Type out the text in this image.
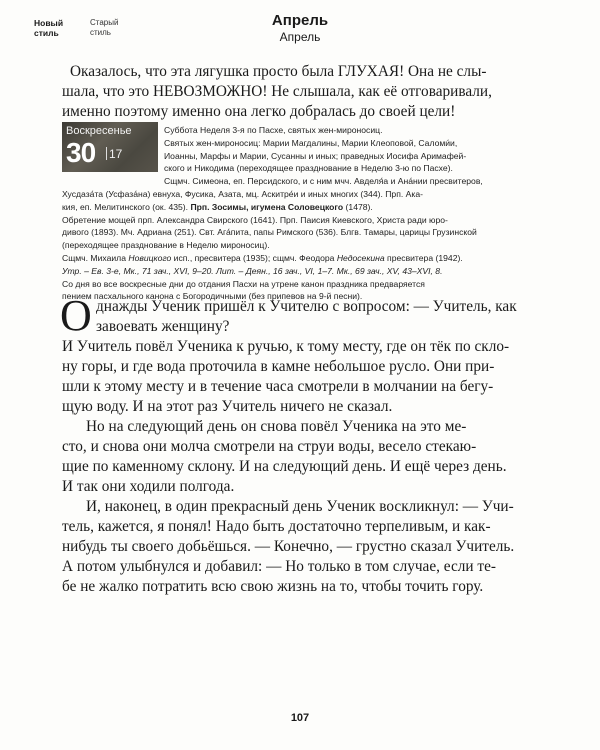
Новый стиль
Старый стиль
Апрель
Апрель
Оказалось, что эта лягушка просто была ГЛУХАЯ! Она не слы-
шала, что это НЕВОЗМОЖНО! Не слышала, как её отговаривали,
именно поэтому именно она легко добралась до своей цели!
Воскресенье
30 17
Суббота Неделя 3-я по Пасхе, святых жен-мироносиц.
Святых жен-мироносиц: Марии Магдалины, Марии Клеоповой, Саломи́и,
Иоанны, Марфы и Марии, Сусанны и иных; праведных Иосифа Аримафей-
ского и Никодима (переходящее празднование в Неделю 3-ю по Пасхе).
Сщмч. Симеона, еп. Персидского, и с ним мчч. Авделя́а и Ана́нии пресвитеров,
Хусдаза́та (Усфаза́на) евнуха, Фусика, Азата, мц. Аскитре́и и иных многих (344). Прп. Ака-
кия, еп. Мелитинского (ок. 435). Прп. Зосимы, игумена Соловецкого (1478).
Обретение мощей прп. Александра Свирского (1641). Прп. Паисия Киевского, Христа ради юро-
дивого (1893). Мч. Адриана (251). Свт. Ага́пита, папы Римского (536). Блгв. Тамары, царицы Грузинской
(переходящее празднование в Неделю мироносиц).
Сщмч. Михаила Новицкого исп., пресвитера (1935); сщмч. Феодора Недосекина пресвитера (1942).
Утр. – Ев. 3-е, Мк., 71 зач., XVI, 9–20. Лит. – Деян., 16 зач., VI, 1–7. Мк., 69 зач., XV, 43–XVI, 8.
Со дня во все воскресные дни до отдания Пасхи на утрене канон праздника предваряется
пением пасхального канона с Богородичными (без припевов на 9-й песни).
О днажды Ученик пришёл к Учителю с вопросом: — Учитель, как
завоевать женщину?
И Учитель повёл Ученика к ручью, к тому месту, где он тёк по скло-
ну горы, и где вода проточила в камне небольшое русло. Они при-
шли к этому месту и в течение часа смотрели в молчании на бегу-
щую воду. И на этот раз Учитель ничего не сказал.
Но на следующий день он снова повёл Ученика на это ме-
сто, и снова они молча смотрели на струи воды, весело стекаю-
щие по каменному склону. И на следующий день. И ещё через день.
И так они ходили полгода.
И, наконец, в один прекрасный день Ученик воскликнул: — Учи-
тель, кажется, я понял! Надо быть достаточно терпеливым, и как-
нибудь ты своего добьёшься. — Конечно, — грустно сказал Учитель.
А потом улыбнулся и добавил: — Но только в том случае, если те-
бе не жалко потратить всю свою жизнь на то, чтобы точить гору.
107
